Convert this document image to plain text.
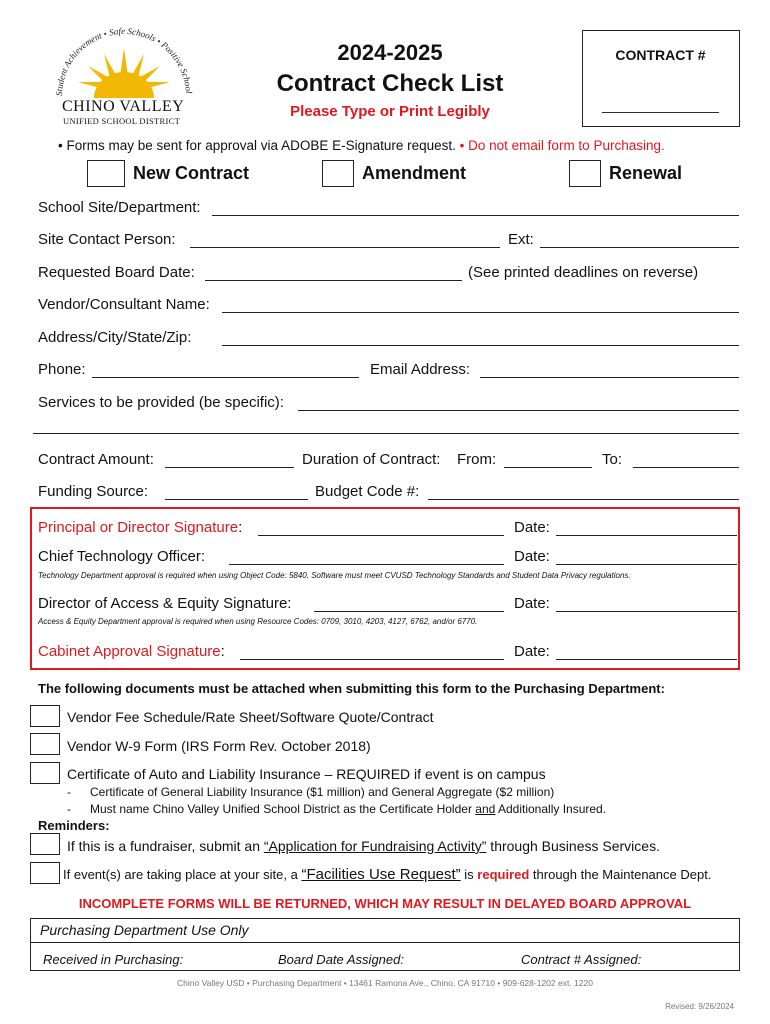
Student Achievement • Safe Schools • Positive School
CHINO VALLEY
UNIFIED SCHOOL DISTRICT
2024-2025
Contract Check List
Please Type or Print Legibly
CONTRACT #
_______________
• Forms may be sent for approval via ADOBE E-Signature request. • Do not email form to Purchasing.
New Contract	Amendment	Renewal
School Site/Department:
Site Contact Person:	Ext:
Requested Board Date:	(See printed deadlines on reverse)
Vendor/Consultant Name:
Address/City/State/Zip:
Phone:	Email Address:
Services to be provided (be specific):
Contract Amount:	Duration of Contract: From:	To:
Funding Source:	Budget Code #:
Principal or Director Signature:	Date:
Chief Technology Officer:	Date:
Technology Department approval is required when using Object Code: 5840. Software must meet CVUSD Technology Standards and Student Data Privacy regulations.
Director of Access & Equity Signature:	Date:
Access & Equity Department approval is required when using Resource Codes: 0709, 3010, 4203, 4127, 6762, and/or 6770.
Cabinet Approval Signature:	Date:
The following documents must be attached when submitting this form to the Purchasing Department:
Vendor Fee Schedule/Rate Sheet/Software Quote/Contract
Vendor W-9 Form (IRS Form Rev. October 2018)
Certificate of Auto and Liability Insurance – REQUIRED if event is on campus
- Certificate of General Liability Insurance ($1 million) and General Aggregate ($2 million)
- Must name Chino Valley Unified School District as the Certificate Holder and Additionally Insured.
Reminders:
If this is a fundraiser, submit an “Application for Fundraising Activity” through Business Services.
If event(s) are taking place at your site, a “Facilities Use Request” is required through the Maintenance Dept.
INCOMPLETE FORMS WILL BE RETURNED, WHICH MAY RESULT IN DELAYED BOARD APPROVAL
Purchasing Department Use Only
Received in Purchasing:	Board Date Assigned:	Contract # Assigned:
Chino Valley USD • Purchasing Department • 13461 Ramona Ave., Chino, CA 91710 • 909-628-1202 ext. 1220
Revised: 9/26/2024
